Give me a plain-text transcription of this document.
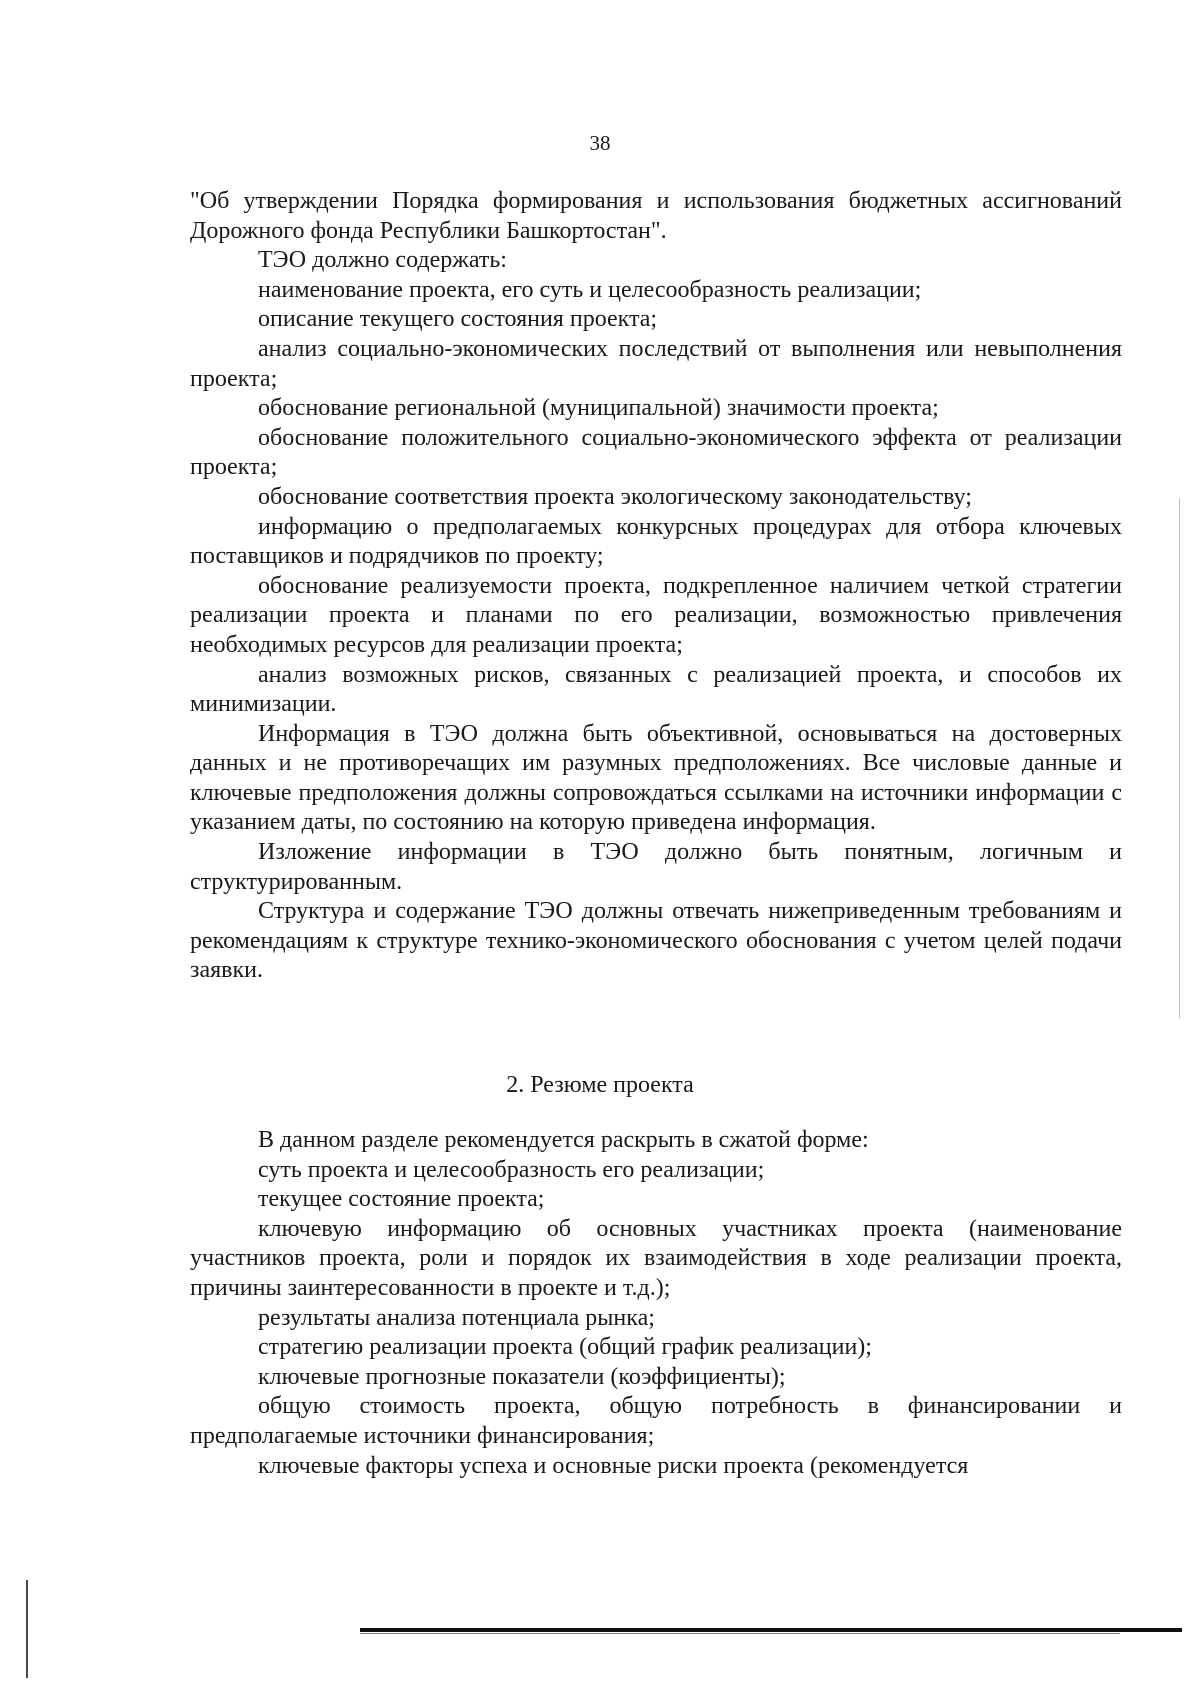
38

"Об утверждении Порядка формирования и использования бюджетных ассигнований Дорожного фонда Республики Башкортостан".

ТЭО должно содержать:

наименование проекта, его суть и целесообразность реализации;

описание текущего состояния проекта;

анализ социально-экономических последствий от выполнения или невыполнения проекта;

обоснование региональной (муниципальной) значимости проекта;

обоснование положительного социально-экономического эффекта от реализации проекта;

обоснование соответствия проекта экологическому законодательству;

информацию о предполагаемых конкурсных процедурах для отбора ключевых поставщиков и подрядчиков по проекту;

обоснование реализуемости проекта, подкрепленное наличием четкой стратегии реализации проекта и планами по его реализации, возможностью привлечения необходимых ресурсов для реализации проекта;

анализ возможных рисков, связанных с реализацией проекта, и способов их минимизации.

Информация в ТЭО должна быть объективной, основываться на достоверных данных и не противоречащих им разумных предположениях. Все числовые данные и ключевые предположения должны сопровождаться ссылками на источники информации с указанием даты, по состоянию на которую приведена информация.

Изложение информации в ТЭО должно быть понятным, логичным и структурированным.

Структура и содержание ТЭО должны отвечать нижеприведенным требованиям и рекомендациям к структуре технико-экономического обоснования с учетом целей подачи заявки.

2. Резюме проекта

В данном разделе рекомендуется раскрыть в сжатой форме:

суть проекта и целесообразность его реализации;

текущее состояние проекта;

ключевую информацию об основных участниках проекта (наименование участников проекта, роли и порядок их взаимодействия в ходе реализации проекта, причины заинтересованности в проекте и т.д.);

результаты анализа потенциала рынка;

стратегию реализации проекта (общий график реализации);

ключевые прогнозные показатели (коэффициенты);

общую стоимость проекта, общую потребность в финансировании и предполагаемые источники финансирования;

ключевые факторы успеха и основные риски проекта (рекомендуется
